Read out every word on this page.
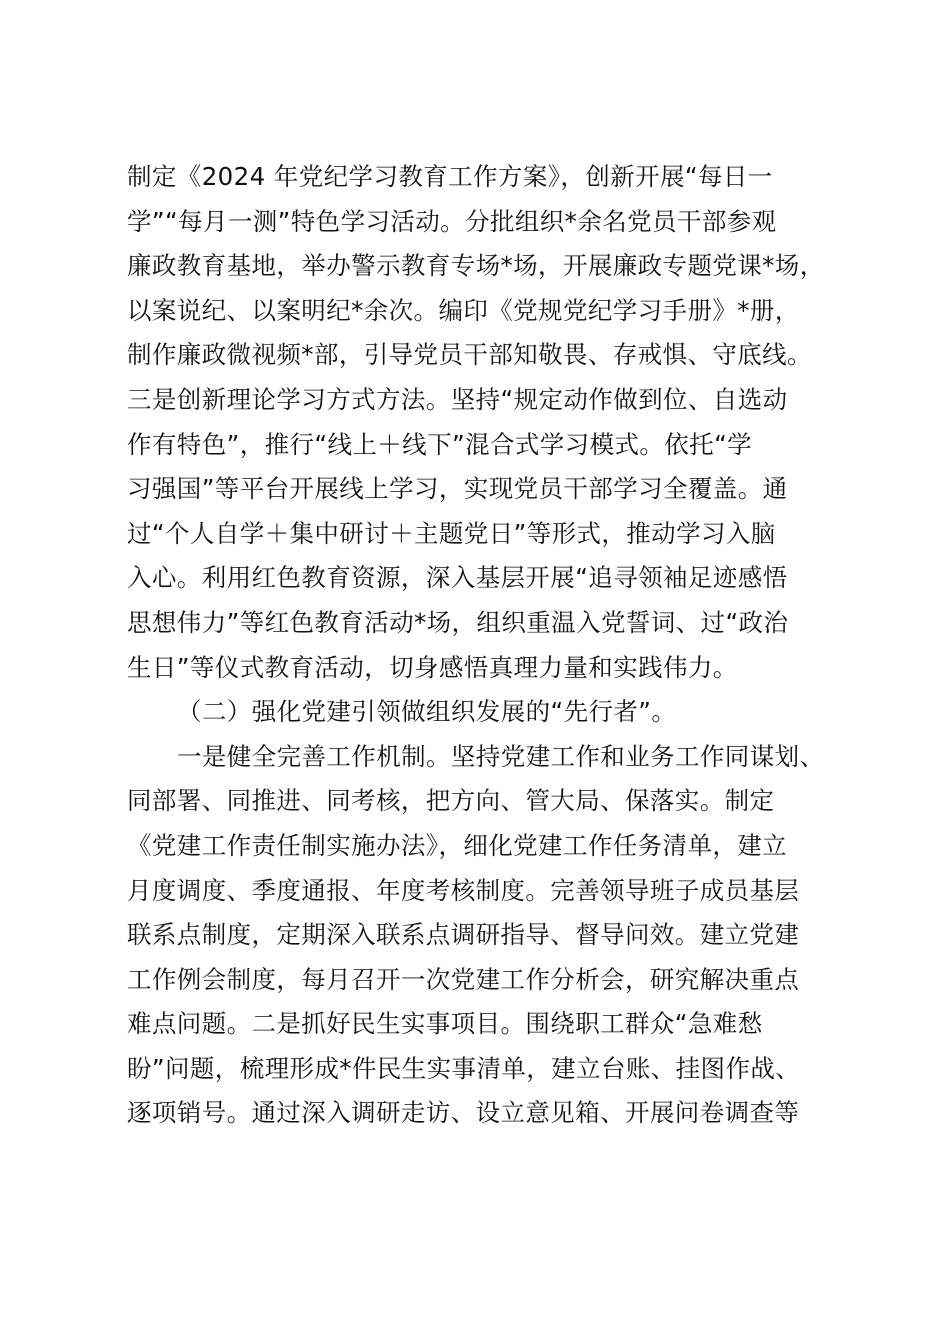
制定《2024 年党纪学习教育工作方案》，创新开展“每日一
学”“每月一测”特色学习活动。分批组织*余名党员干部参观
廉政教育基地，举办警示教育专场*场，开展廉政专题党课*场，
以案说纪、以案明纪*余次。编印《党规党纪学习手册》*册，
制作廉政微视频*部，引导党员干部知敬畏、存戒惧、守底线。
三是创新理论学习方式方法。坚持“规定动作做到位、自选动
作有特色”，推行“线上＋线下”混合式学习模式。依托“学
习强国”等平台开展线上学习，实现党员干部学习全覆盖。通
过“个人自学＋集中研讨＋主题党日”等形式，推动学习入脑
入心。利用红色教育资源，深入基层开展“追寻领袖足迹感悟
思想伟力”等红色教育活动*场，组织重温入党誓词、过“政治
生日”等仪式教育活动，切身感悟真理力量和实践伟力。
（二）强化党建引领做组织发展的“先行者”。
一是健全完善工作机制。坚持党建工作和业务工作同谋划、
同部署、同推进、同考核，把方向、管大局、保落实。制定
《党建工作责任制实施办法》，细化党建工作任务清单，建立
月度调度、季度通报、年度考核制度。完善领导班子成员基层
联系点制度，定期深入联系点调研指导、督导问效。建立党建
工作例会制度，每月召开一次党建工作分析会，研究解决重点
难点问题。二是抓好民生实事项目。围绕职工群众“急难愁
盼”问题，梳理形成*件民生实事清单，建立台账、挂图作战、
逐项销号。通过深入调研走访、设立意见箱、开展问卷调查等
